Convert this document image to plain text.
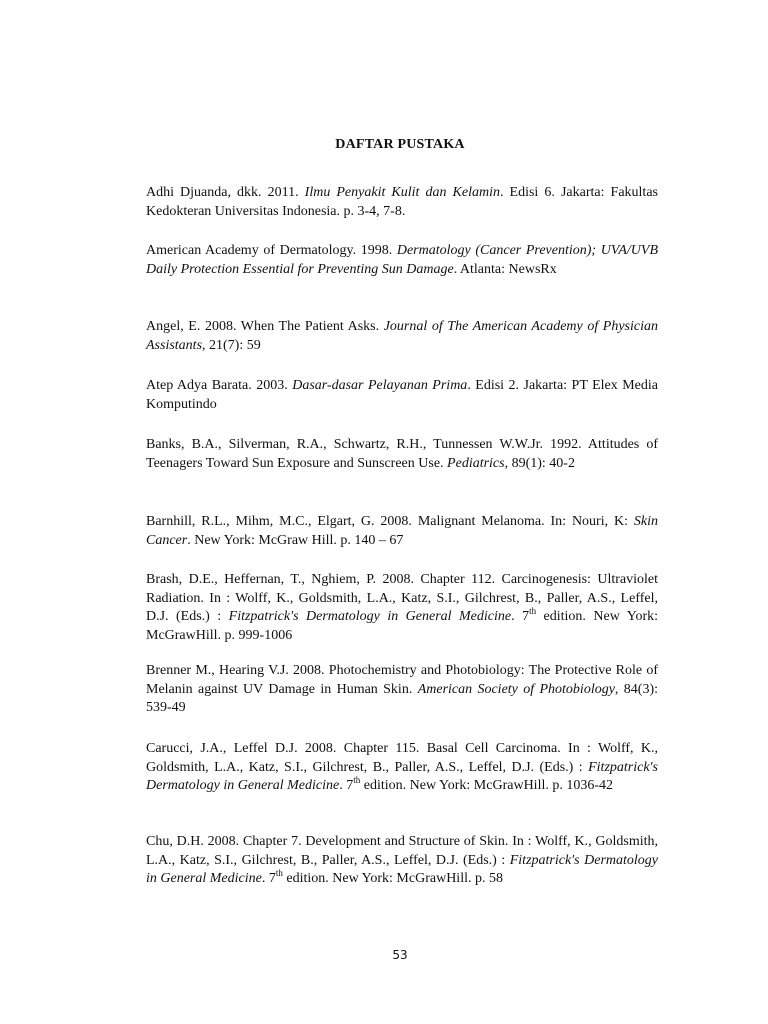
DAFTAR PUSTAKA

Adhi Djuanda, dkk. 2011. Ilmu Penyakit Kulit dan Kelamin. Edisi 6. Jakarta: Fakultas Kedokteran Universitas Indonesia. p. 3-4, 7-8.

American Academy of Dermatology. 1998. Dermatology (Cancer Prevention); UVA/UVB Daily Protection Essential for Preventing Sun Damage. Atlanta: NewsRx

Angel, E. 2008. When The Patient Asks. Journal of The American Academy of Physician Assistants, 21(7): 59

Atep Adya Barata. 2003. Dasar-dasar Pelayanan Prima. Edisi 2. Jakarta: PT Elex Media Komputindo

Banks, B.A., Silverman, R.A., Schwartz, R.H., Tunnessen W.W.Jr. 1992. Attitudes of Teenagers Toward Sun Exposure and Sunscreen Use. Pediatrics, 89(1): 40-2

Barnhill, R.L., Mihm, M.C., Elgart, G. 2008. Malignant Melanoma. In: Nouri, K: Skin Cancer. New York: McGraw Hill. p. 140 – 67

Brash, D.E., Heffernan, T., Nghiem, P. 2008. Chapter 112. Carcinogenesis: Ultraviolet Radiation. In : Wolff, K., Goldsmith, L.A., Katz, S.I., Gilchrest, B., Paller, A.S., Leffel, D.J. (Eds.) : Fitzpatrick's Dermatology in General Medicine. 7th edition. New York: McGrawHill. p. 999-1006

Brenner M., Hearing V.J. 2008. Photochemistry and Photobiology: The Protective Role of Melanin against UV Damage in Human Skin. American Society of Photobiology, 84(3): 539-49

Carucci, J.A., Leffel D.J. 2008. Chapter 115. Basal Cell Carcinoma. In : Wolff, K., Goldsmith, L.A., Katz, S.I., Gilchrest, B., Paller, A.S., Leffel, D.J. (Eds.) : Fitzpatrick's Dermatology in General Medicine. 7th edition. New York: McGrawHill. p. 1036-42

Chu, D.H. 2008. Chapter 7. Development and Structure of Skin. In : Wolff, K., Goldsmith, L.A., Katz, S.I., Gilchrest, B., Paller, A.S., Leffel, D.J. (Eds.) : Fitzpatrick's Dermatology in General Medicine. 7th edition. New York: McGrawHill. p. 58

53
